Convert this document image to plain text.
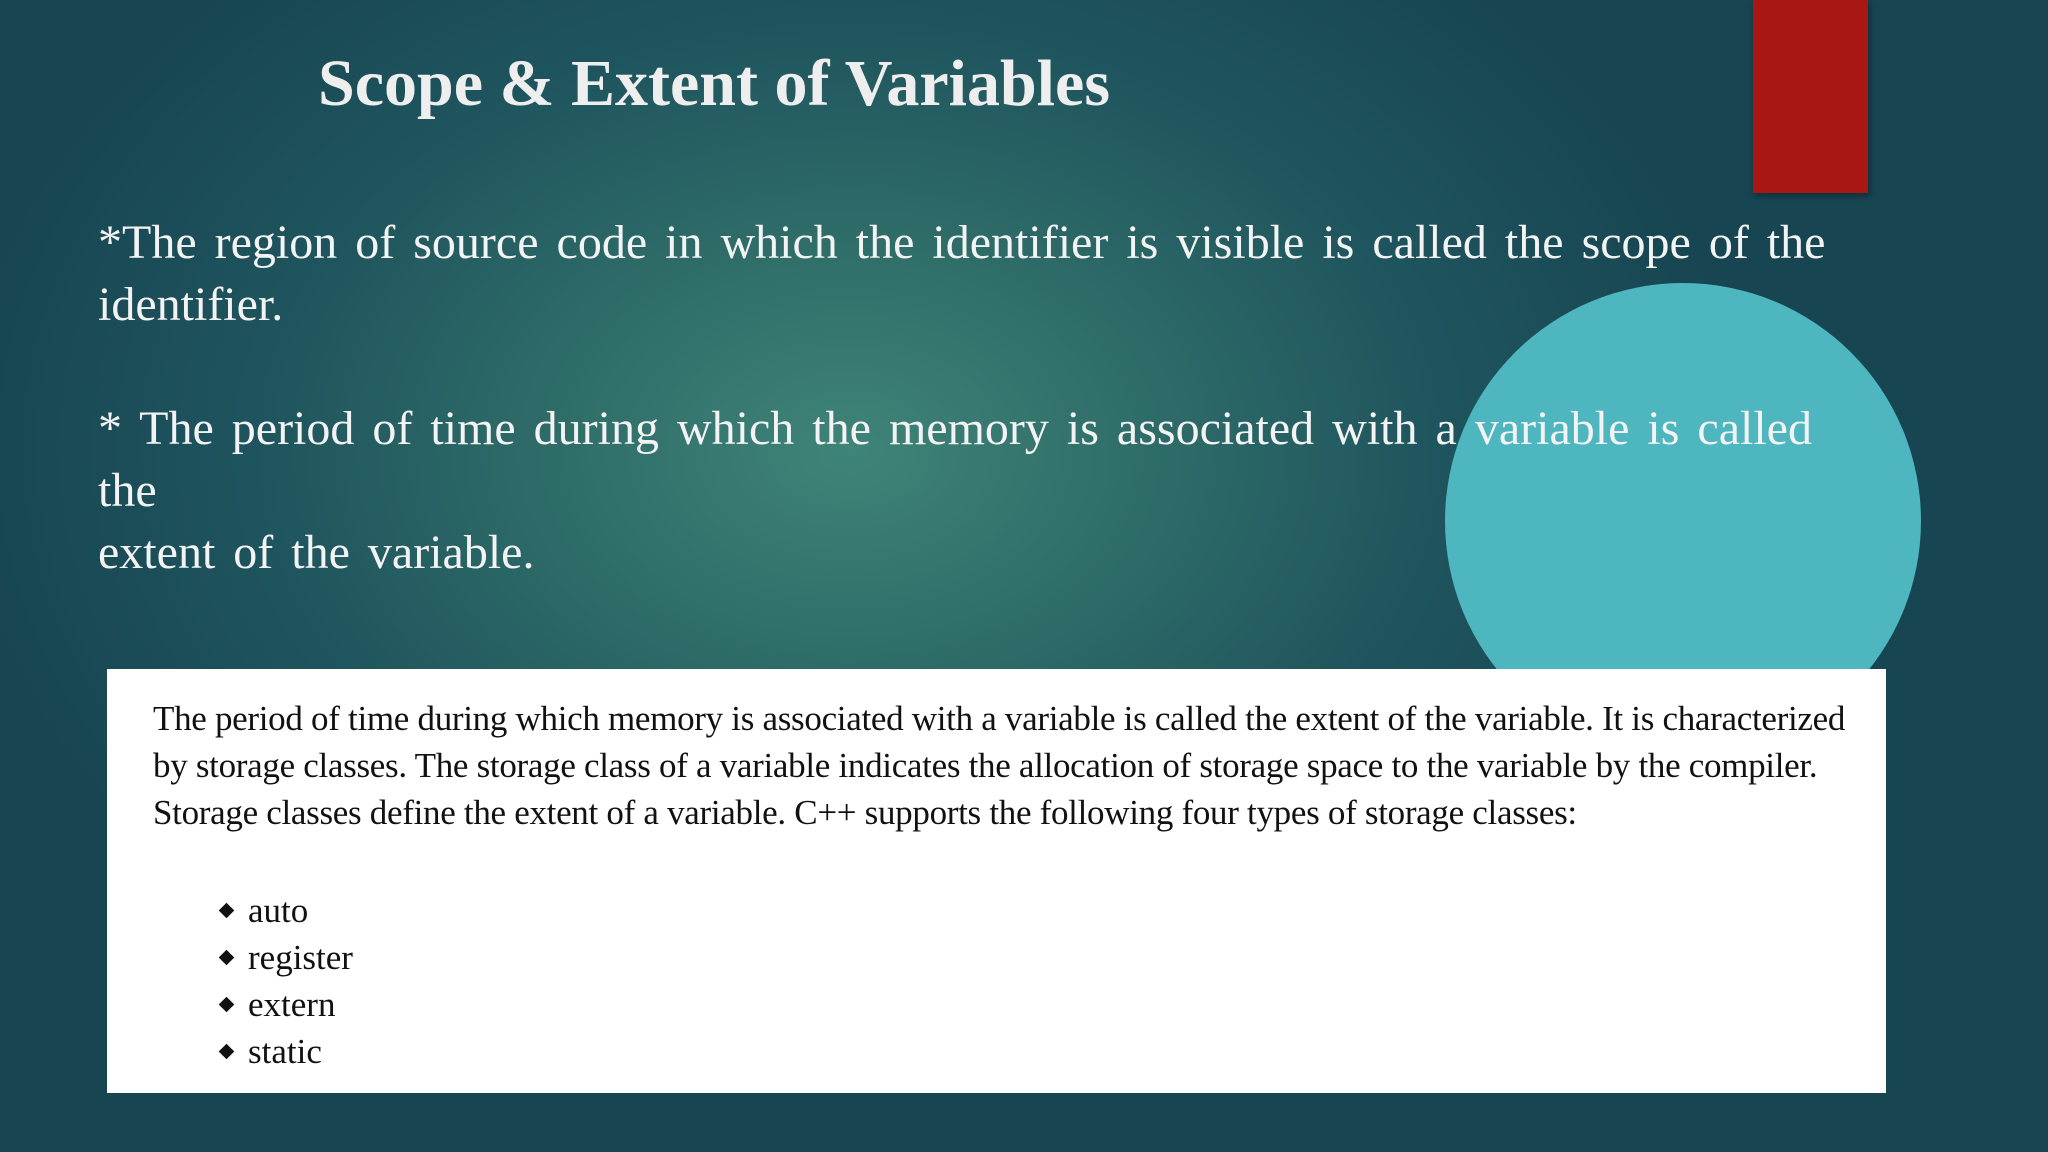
Scope & Extent of Variables

*The region of source code in which the identifier is visible is called the scope of the identifier.

* The period of time during which the memory is associated with a variable is called the

extent of the variable.

The period of time during which memory is associated with a variable is called the extent of the variable. It is characterized by storage classes. The storage class of a variable indicates the allocation of storage space to the variable by the compiler. Storage classes define the extent of a variable. C++ supports the following four types of storage classes:

auto
register
extern
static
